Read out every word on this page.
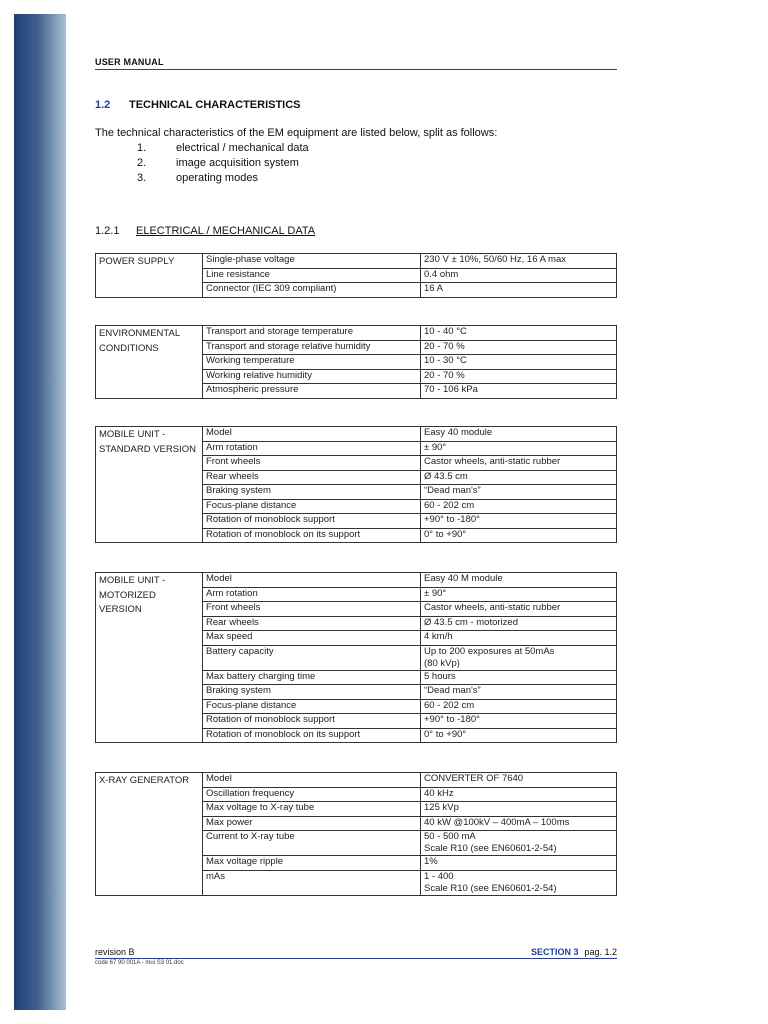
USER MANUAL
1.2 TECHNICAL CHARACTERISTICS
The technical characteristics of the EM equipment are listed below, split as follows:
1.	electrical / mechanical data
2.	image acquisition system
3.	operating modes
1.2.1 ELECTRICAL / MECHANICAL DATA
POWER SUPPLY	Single-phase voltage	230 V ± 10%, 50/60 Hz, 16 A max
	Line resistance	0.4 ohm
	Connector (IEC 309 compliant)	16 A
ENVIRONMENTAL CONDITIONS	Transport and storage temperature	10 - 40 °C
	Transport and storage relative humidity	20 - 70 %
	Working temperature	10 - 30 °C
	Working relative humidity	20 - 70 %
	Atmospheric pressure	70 - 106 kPa
MOBILE UNIT - STANDARD VERSION	Model	Easy 40 module
	Arm rotation	± 90°
	Front wheels	Castor wheels, anti-static rubber
	Rear wheels	Ø 43.5 cm
	Braking system	“Dead man's”
	Focus-plane distance	60 - 202 cm
	Rotation of monoblock support	+90° to -180°
	Rotation of monoblock on its support	0° to +90°
MOBILE UNIT - MOTORIZED VERSION	Model	Easy 40 M module
	Arm rotation	± 90°
	Front wheels	Castor wheels, anti-static rubber
	Rear wheels	Ø 43.5 cm - motorized
	Max speed	4 km/h
	Battery capacity	Up to 200 exposures at 50mAs
(80 kVp)
	Max battery charging time	5 hours
	Braking system	“Dead man's”
	Focus-plane distance	60 - 202 cm
	Rotation of monoblock support	+90° to -180°
	Rotation of monoblock on its support	0° to +90°
X-RAY GENERATOR	Model	CONVERTER OF 7640
	Oscillation frequency	40 kHz
	Max voltage to X-ray tube	125 kVp
	Max power	40 kW @100kV – 400mA – 100ms
	Current to X-ray tube	50 - 500 mA
Scale R10 (see EN60601-2-54)
	Max voltage ripple	1%
	mAs	1 - 400
Scale R10 (see EN60601-2-54)
revision B
code 67 90 001A - mui S3 01.doc
SECTION 3 pag. 1.2
